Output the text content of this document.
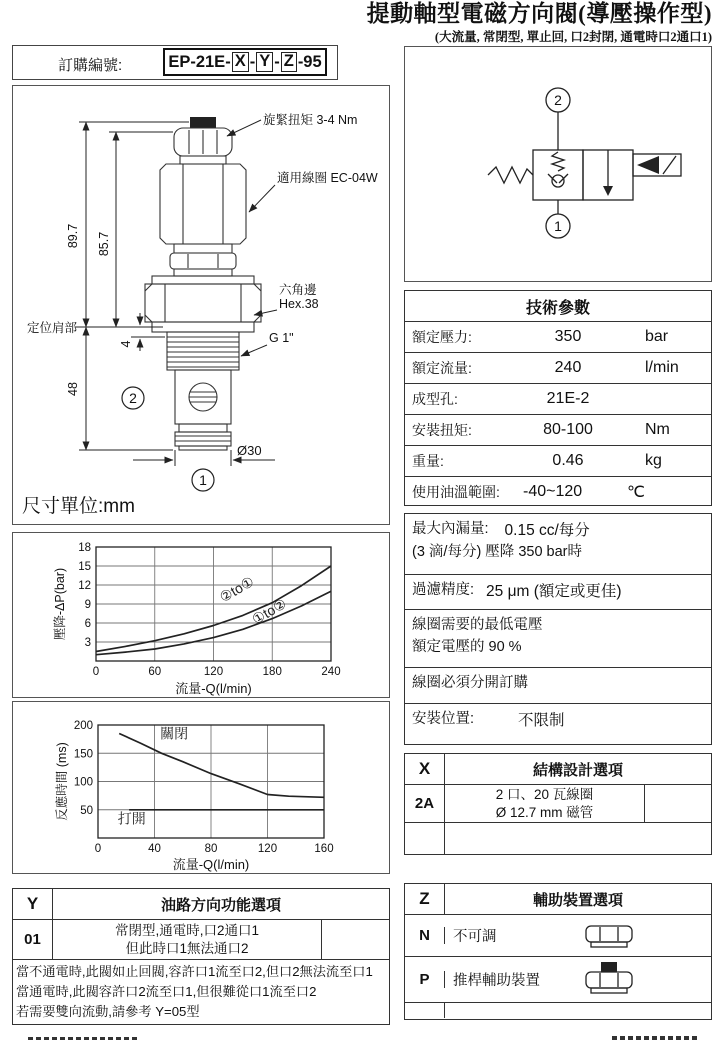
提動軸型電磁方向閥(導壓操作型)
(大流量, 常閉型, 單止回, 口2封閉, 通電時口2通口1)
訂購編號:	EP-21E- X - Y - Z -95
2
1
89.7 85.7
48
4
定位肩部
Ø30
旋緊扭矩 3-4 Nm
適用線圈 EC-04W
六角邊
Hex.38
G 1"
尺寸單位:mm
0	60	120	180	240
3
6
9
12
15
18
流量-Q(l/min)
壓降-ΔP(bar)	②to①
①to②
0	40	80	120	160
50
100
150
200
流量-Q(l/min)
反應時間 (ms)
關閉
打開
2
1
技術參數
額定壓力:	350	bar
額定流量:	240	l/min
成型孔:	21E-2
安裝扭矩:	80-100	Nm
重量:	0.46	kg
使用油溫範圍:	-40~120	℃
最大內漏量: 0.15 cc/每分
(3 滴/每分) 壓降 350 bar時
過濾精度: 25 μm (額定或更佳)
線圈需要的最低電壓
額定電壓的 90 %
線圈必須分開訂購
安裝位置:	不限制
X	結構設計選項
2A
2 口、20 瓦線圈
Ø 12.7 mm 磁管
Y	油路方向功能選項
01
常閉型,通電時,口2通口1
但此時口1無法通口2
當不通電時,此閥如止回閥,容許口1流至口2,但口2無法流至口1
當通電時,此閥容許口2流至口1,但很難從口1流至口2
若需要雙向流動,請參考 Y=05型
Z	輔助裝置選項
N	不可調
P	推桿輔助裝置
